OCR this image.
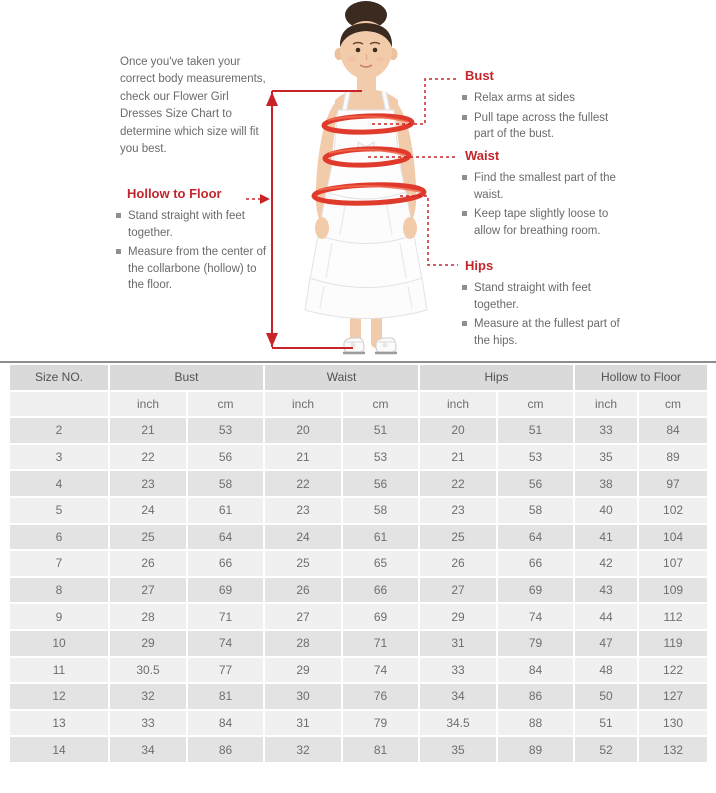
Once you've taken your correct body measurements, check our Flower Girl Dresses Size Chart to determine which size will fit you best.

Hollow to Floor
Stand straight with feet together.
Measure from the center of the collarbone (hollow) to the floor.
Bust
Relax arms at sides
Pull tape across the fullest part of the bust.
Waist
Find the smallest part of the waist.
Keep tape slightly loose to allow for breathing room.
Hips
Stand straight with feet together.
Measure at the fullest part of the hips.
Size NO.	Bust		Waist		Hips		Hollow to Floor	
	inch	cm	inch	cm	inch	cm	inch	cm
2	21	53	20	51	20	51	33	84
3	22	56	21	53	21	53	35	89
4	23	58	22	56	22	56	38	97
5	24	61	23	58	23	58	40	102
6	25	64	24	61	25	64	41	104
7	26	66	25	65	26	66	42	107
8	27	69	26	66	27	69	43	109
9	28	71	27	69	29	74	44	112
10	29	74	28	71	31	79	47	119
11	30.5	77	29	74	33	84	48	122
12	32	81	30	76	34	86	50	127
13	33	84	31	79	34.5	88	51	130
14	34	86	32	81	35	89	52	132
